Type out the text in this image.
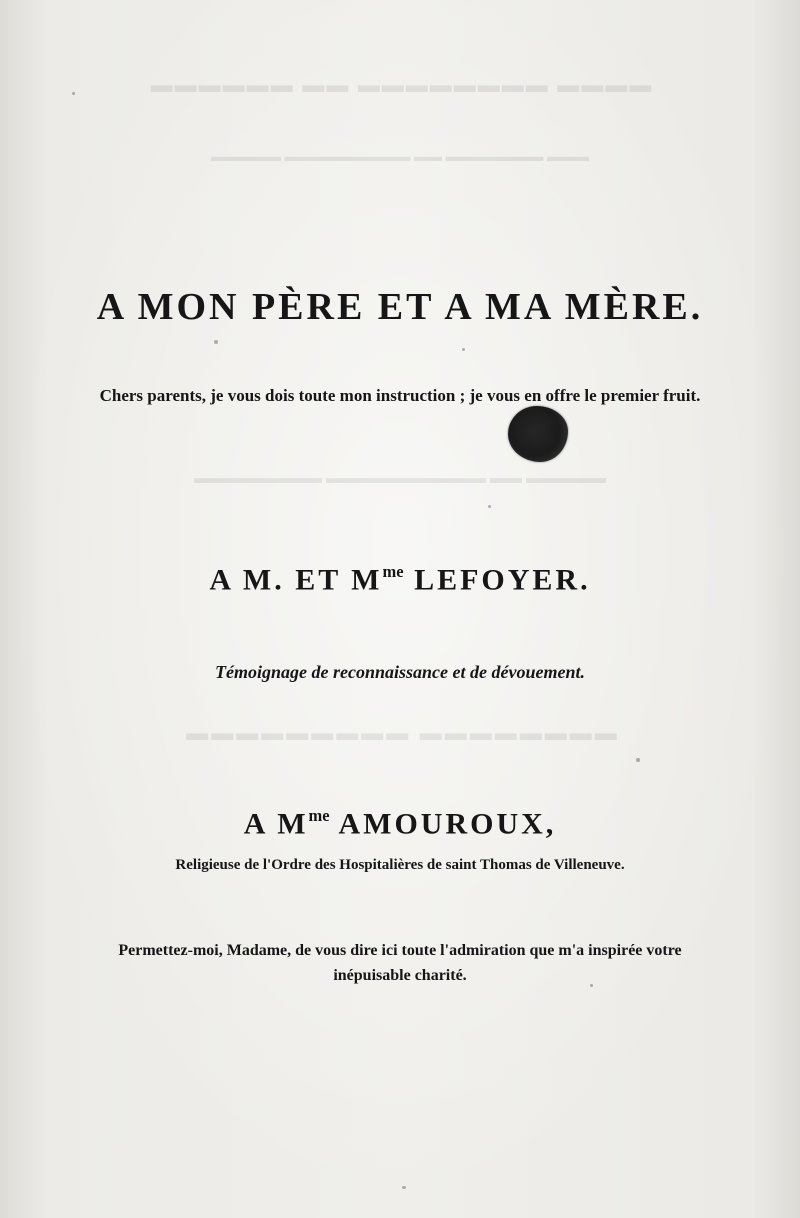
▬▬▬▬ ▬▬▬▬▬▬▬▬ ▬▬ ▬▬▬▬▬▬
▬▬▬ ▬▬▬▬▬▬▬ ▬▬ ▬▬▬▬▬▬▬▬▬ ▬▬▬▬▬
▬▬▬▬▬ ▬▬ ▬▬▬▬▬▬▬▬▬▬ ▬▬▬▬▬▬▬▬
▬▬▬▬▬▬▬▬ ▬▬▬▬▬▬▬▬▬
A MON PÈRE ET A MA MÈRE.
Chers parents, je vous dois toute mon instruction ; je vous en offre le premier fruit.
A M. ET $M^{me}$ LEFOYER.
Témoignage de reconnaissance et de dévouement.
A $M^{me}$ AMOUROUX,
Religieuse de l'Ordre des Hospitalières de saint Thomas de Villeneuve.
Permettez-moi, Madame, de vous dire ici toute l'admiration que m'a inspirée votre inépuisable charité.
